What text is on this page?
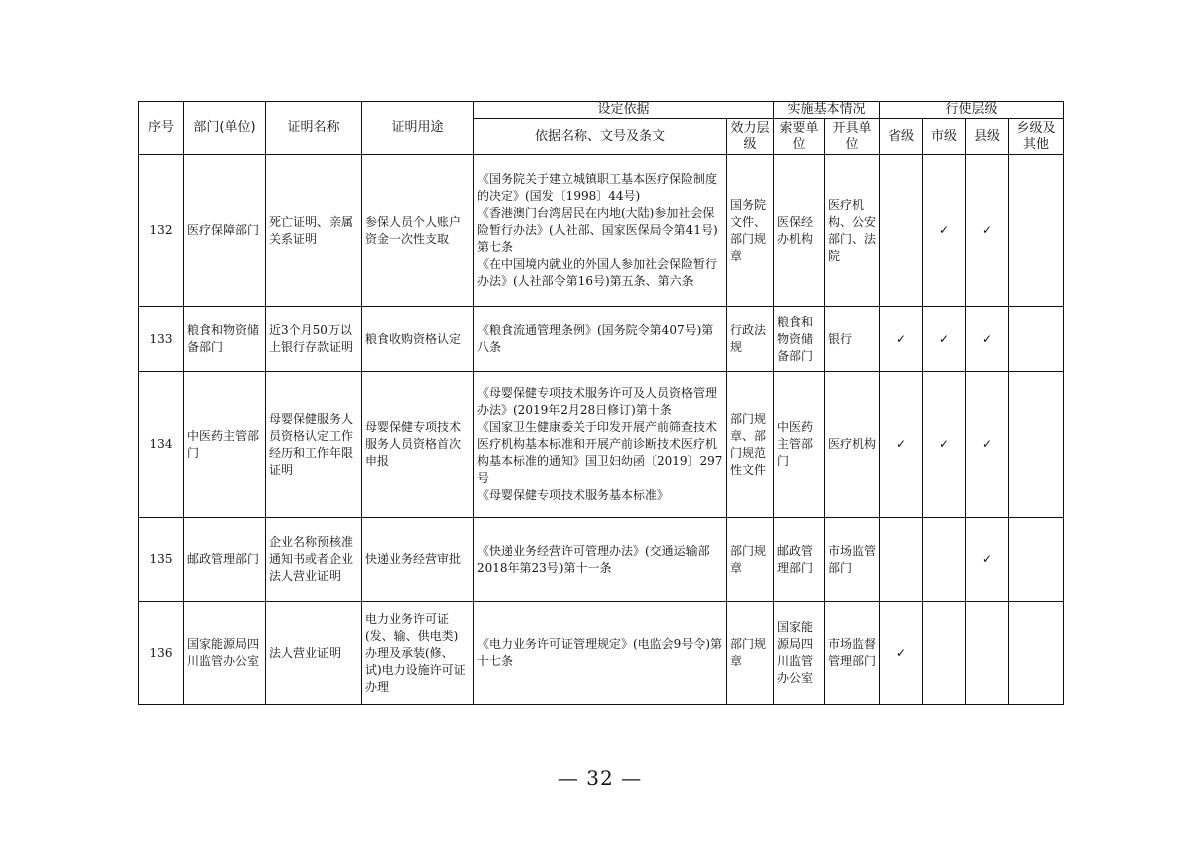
序号	部门(单位)	证明名称	证明用途	设定依据		实施基本情况		行使层级			
				依据名称、文号及条文	效力层级	索要单位	开具单位	省级	市级	县级	乡级及其他

132	医疗保障部门	死亡证明、亲属关系证明	参保人员个人账户资金一次性支取	《国务院关于建立城镇职工基本医疗保险制度的决定》(国发〔1998〕44号)
《香港澳门台湾居民在内地(大陆)参加社会保险暂行办法》(人社部、国家医保局令第41号)第七条
《在中国境内就业的外国人参加社会保险暂行办法》(人社部令第16号)第五条、第六条	国务院文件、部门规章	医保经办机构	医疗机构、公安部门、法院		✓	✓	
133	粮食和物资储备部门	近3个月50万以上银行存款证明	粮食收购资格认定	《粮食流通管理条例》(国务院令第407号)第八条	行政法规	粮食和物资储备部门	银行	✓	✓	✓	
134	中医药主管部门	母婴保健服务人员资格认定工作经历和工作年限证明	母婴保健专项技术服务人员资格首次申报	《母婴保健专项技术服务许可及人员资格管理办法》(2019年2月28日修订)第十条
《国家卫生健康委关于印发开展产前筛查技术医疗机构基本标准和开展产前诊断技术医疗机构基本标准的通知》国卫妇幼函〔2019〕297号
《母婴保健专项技术服务基本标准》	部门规章、部门规范性文件	中医药主管部门	医疗机构	✓	✓	✓	
135	邮政管理部门	企业名称预核准通知书或者企业法人营业证明	快递业务经营审批	《快递业务经营许可管理办法》(交通运输部2018年第23号)第十一条	部门规章	邮政管理部门	市场监管部门			✓	
136	国家能源局四川监管办公室	法人营业证明	电力业务许可证(发、输、供电类)办理及承装(修、试)电力设施许可证办理	《电力业务许可证管理规定》(电监会9号令)第十七条	部门规章	国家能源局四川监管办公室	市场监督管理部门	✓			
— 32 —
